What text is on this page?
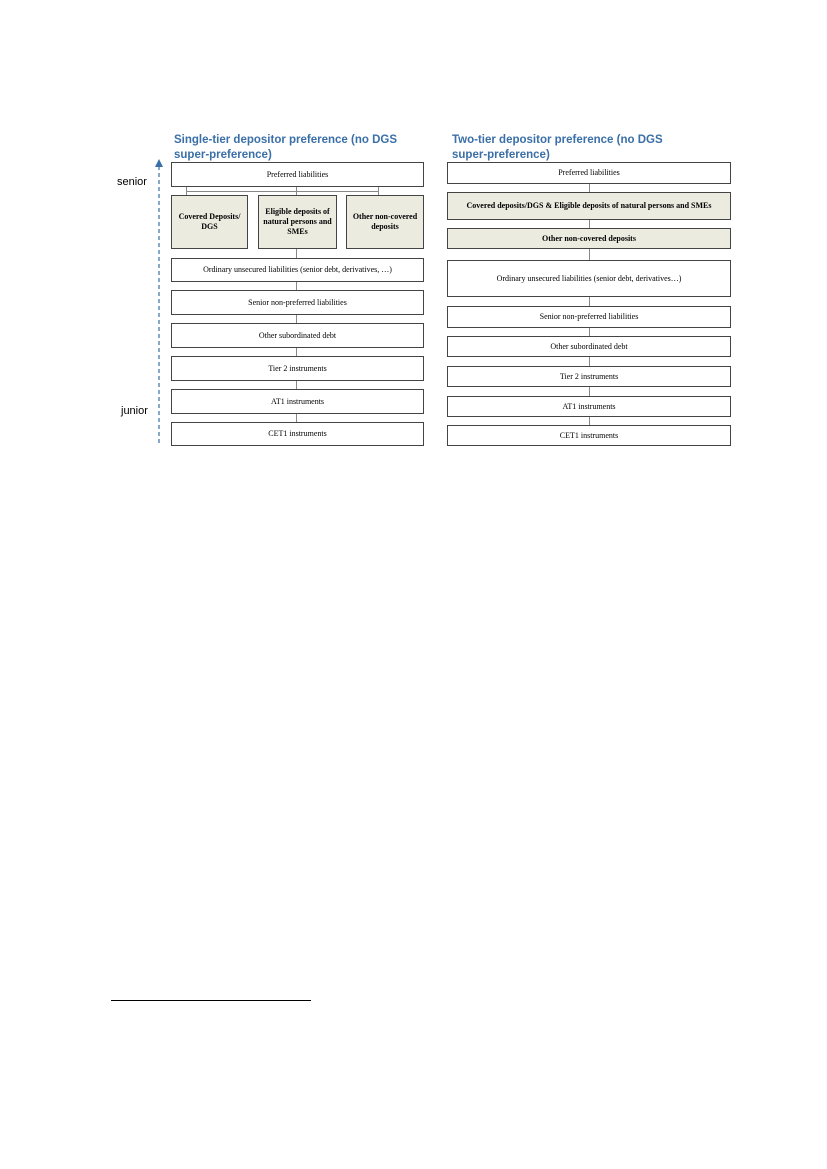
Single-tier depositor preference (no DGS super-preference)
Two-tier depositor preference (no DGS super-preference)
senior
junior
Preferred liabilities
Covered Deposits/ DGS
Eligible deposits of natural persons and SMEs
Other non-covered deposits
Ordinary unsecured liabilities (senior debt, derivatives, …)
Senior non-preferred liabilities
Other subordinated debt
Tier 2 instruments
AT1 instruments
CET1 instruments
Preferred liabilities
Covered deposits/DGS & Eligible deposits of natural persons and SMEs
Other non-covered deposits
Ordinary unsecured liabilities (senior debt, derivatives…)
Senior non-preferred liabilities
Other subordinated debt
Tier 2 instruments
AT1 instruments
CET1 instruments
